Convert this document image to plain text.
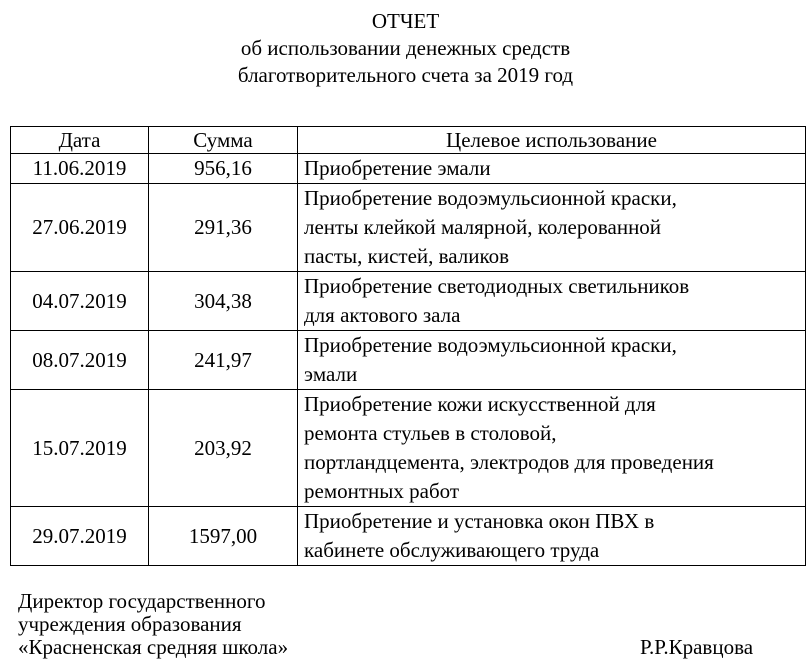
ОТЧЕТ
об использовании денежных средств
благотворительного счета за 2019 год
Дата	Сумма	Целевое использование
11.06.2019	956,16	Приобретение эмали

27.06.2019	291,36	Приобретение водоэмульсионной краски,
ленты клейкой малярной, колерованной
пасты, кистей, валиков

04.07.2019	304,38	Приобретение светодиодных светильников
для актового зала

08.07.2019	241,97	Приобретение водоэмульсионной краски,
эмали

15.07.2019	203,92	Приобретение кожи искусственной для
ремонта стульев в столовой,
портландцемента, электродов для проведения
ремонтных работ

29.07.2019	1597,00	Приобретение и установка окон ПВХ в
кабинете обслуживающего труда
Директор государственного
учреждения образования
«Красненская средняя школа»	Р.Р.Кравцова
